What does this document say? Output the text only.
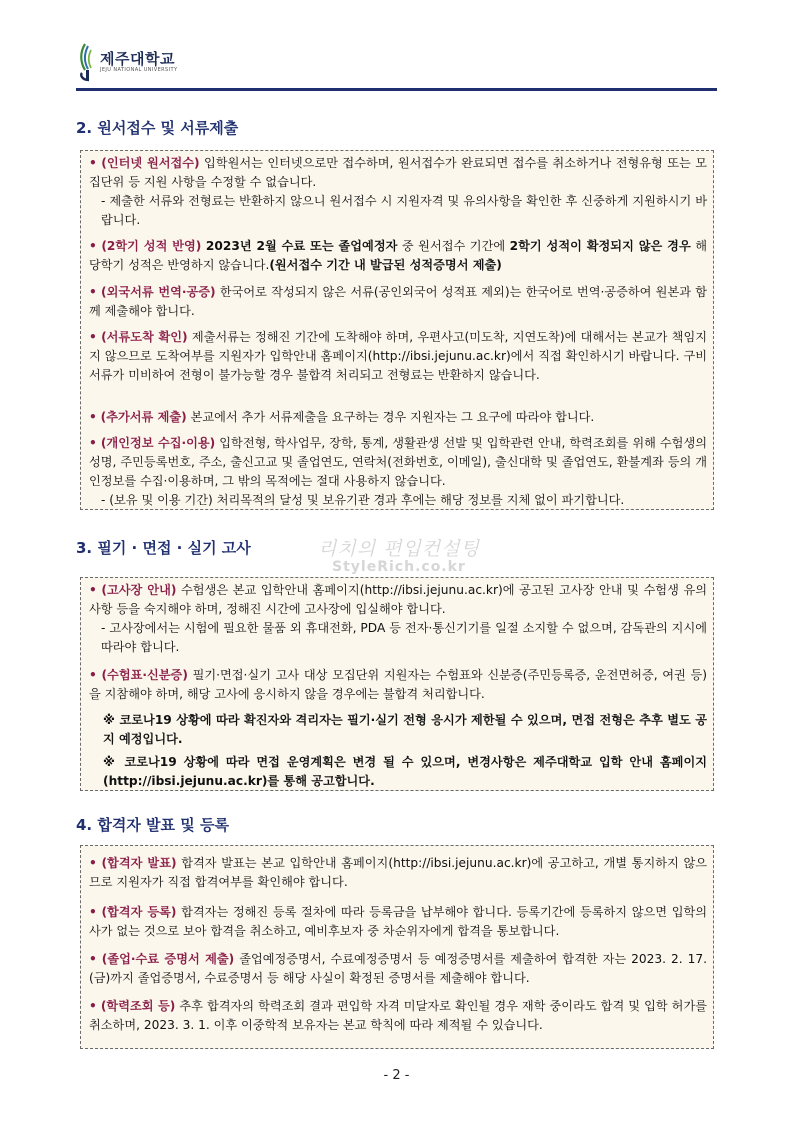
제주대학교
JEJU NATIONAL UNIVERSITY
2. 원서접수 및 서류제출

• (인터넷 원서접수) 입학원서는 인터넷으로만 접수하며, 원서접수가 완료되면 접수를 취소하거나 전형유형 또는 모집단위 등 지원 사항을 수정할 수 없습니다.

- 제출한 서류와 전형료는 반환하지 않으니 원서접수 시 지원자격 및 유의사항을 확인한 후 신중하게 지원하시기 바랍니다.

• (2학기 성적 반영) 2023년 2월 수료 또는 졸업예정자 중 원서접수 기간에 2학기 성적이 확정되지 않은 경우 해당학기 성적은 반영하지 않습니다.(원서접수 기간 내 발급된 성적증명서 제출)

• (외국서류 번역·공증) 한국어로 작성되지 않은 서류(공인외국어 성적표 제외)는 한국어로 번역·공증하여 원본과 함께 제출해야 합니다.

• (서류도착 확인) 제출서류는 정해진 기간에 도착해야 하며, 우편사고(미도착, 지연도착)에 대해서는 본교가 책임지지 않으므로 도착여부를 지원자가 입학안내 홈페이지(http://ibsi.jejunu.ac.kr)에서 직접 확인하시기 바랍니다. 구비 서류가 미비하여 전형이 불가능할 경우 불합격 처리되고 전형료는 반환하지 않습니다.

• (추가서류 제출) 본교에서 추가 서류제출을 요구하는 경우 지원자는 그 요구에 따라야 합니다.

• (개인정보 수집·이용) 입학전형, 학사업무, 장학, 통계, 생활관생 선발 및 입학관련 안내, 학력조회를 위해 수험생의 성명, 주민등록번호, 주소, 출신고교 및 졸업연도, 연락처(전화번호, 이메일), 출신대학 및 졸업연도, 환불계좌 등의 개인정보를 수집·이용하며, 그 밖의 목적에는 절대 사용하지 않습니다.

- (보유 및 이용 기간) 처리목적의 달성 및 보유기관 경과 후에는 해당 정보를 지체 없이 파기합니다.

3. 필기 · 면접 · 실기 고사	리치의 편입컨설팅
StyleRich.co.kr

• (고사장 안내) 수험생은 본교 입학안내 홈페이지(http://ibsi.jejunu.ac.kr)에 공고된 고사장 안내 및 수험생 유의사항 등을 숙지해야 하며, 정해진 시간에 고사장에 입실해야 합니다.

- 고사장에서는 시험에 필요한 물품 외 휴대전화, PDA 등 전자·통신기기를 일절 소지할 수 없으며, 감독관의 지시에 따라야 합니다.

• (수험표·신분증) 필기·면접·실기 고사 대상 모집단위 지원자는 수험표와 신분증(주민등록증, 운전면허증, 여권 등)을 지참해야 하며, 해당 고사에 응시하지 않을 경우에는 불합격 처리합니다.

※ 코로나19 상황에 따라 확진자와 격리자는 필기·실기 전형 응시가 제한될 수 있으며, 면접 전형은 추후 별도 공지 예정입니다.

※ 코로나19 상황에 따라 면접 운영계획은 변경 될 수 있으며, 변경사항은 제주대학교 입학 안내 홈페이지(http://ibsi.jejunu.ac.kr)를 통해 공고합니다.

4. 합격자 발표 및 등록

• (합격자 발표) 합격자 발표는 본교 입학안내 홈페이지(http://ibsi.jejunu.ac.kr)에 공고하고, 개별 통지하지 않으므로 지원자가 직접 합격여부를 확인해야 합니다.

• (합격자 등록) 합격자는 정해진 등록 절차에 따라 등록금을 납부해야 합니다. 등록기간에 등록하지 않으면 입학의사가 없는 것으로 보아 합격을 취소하고, 예비후보자 중 차순위자에게 합격을 통보합니다.

• (졸업·수료 증명서 제출) 졸업예정증명서, 수료예정증명서 등 예정증명서를 제출하여 합격한 자는 2023. 2. 17.(금)까지 졸업증명서, 수료증명서 등 해당 사실이 확정된 증명서를 제출해야 합니다.

• (학력조회 등) 추후 합격자의 학력조회 결과 편입학 자격 미달자로 확인될 경우 재학 중이라도 합격 및 입학 허가를 취소하며, 2023. 3. 1. 이후 이중학적 보유자는 본교 학칙에 따라 제적될 수 있습니다.

- 2 -
